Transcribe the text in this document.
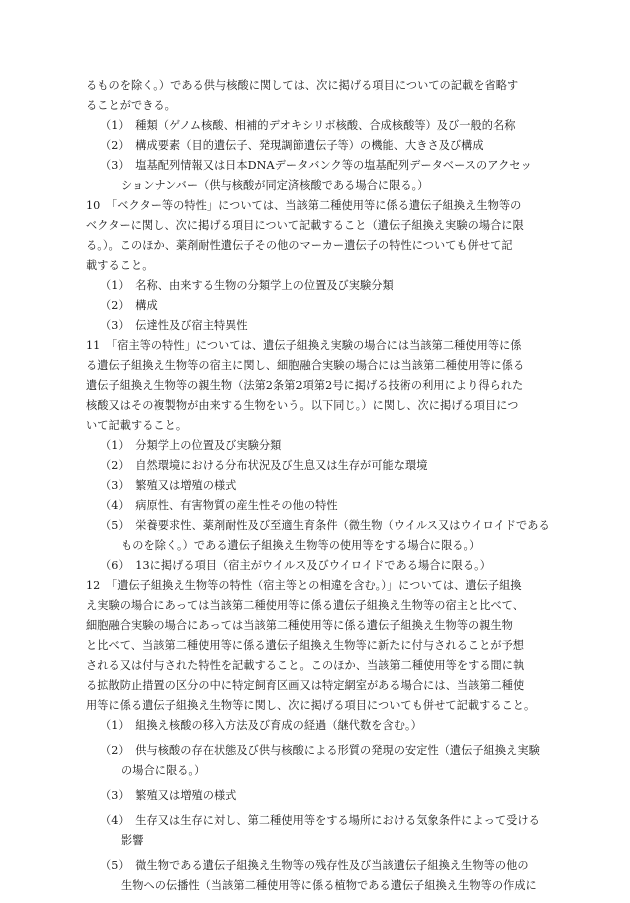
るものを除く。）である供与核酸に関しては、次に掲げる項目についての記載を省略す
ることができる。
（1）　種類（ゲノム核酸、相補的デオキシリボ核酸、合成核酸等）及び一般的名称
（2）　構成要素（目的遺伝子、発現調節遺伝子等）の機能、大きさ及び構成
（3）　塩基配列情報又は日本DNAデータバンク等の塩基配列データベースのアクセッ
ションナンバー（供与核酸が同定済核酸である場合に限る。）
10　「ベクター等の特性」については、当該第二種使用等に係る遺伝子組換え生物等の
ベクターに関し、次に掲げる項目について記載すること（遺伝子組換え実験の場合に限
る。）。このほか、薬剤耐性遺伝子その他のマーカー遺伝子の特性についても併せて記
載すること。
（1）　名称、由来する生物の分類学上の位置及び実験分類
（2）　構成
（3）　伝達性及び宿主特異性
11　「宿主等の特性」については、遺伝子組換え実験の場合には当該第二種使用等に係
る遺伝子組換え生物等の宿主に関し、細胞融合実験の場合には当該第二種使用等に係る
遺伝子組換え生物等の親生物（法第2条第2項第2号に掲げる技術の利用により得られた
核酸又はその複製物が由来する生物をいう。以下同じ。）に関し、次に掲げる項目につ
いて記載すること。
（1）　分類学上の位置及び実験分類
（2）　自然環境における分布状況及び生息又は生存が可能な環境
（3）　繁殖又は増殖の様式
（4）　病原性、有害物質の産生性その他の特性
（5）　栄養要求性、薬剤耐性及び至適生育条件（微生物（ウイルス又はウイロイドである
ものを除く。）である遺伝子組換え生物等の使用等をする場合に限る。）
（6）　13に掲げる項目（宿主がウイルス及びウイロイドである場合に限る。）
12　「遺伝子組換え生物等の特性（宿主等との相違を含む。）」については、遺伝子組換
え実験の場合にあっては当該第二種使用等に係る遺伝子組換え生物等の宿主と比べて、
細胞融合実験の場合にあっては当該第二種使用等に係る遺伝子組換え生物等の親生物
と比べて、当該第二種使用等に係る遺伝子組換え生物等に新たに付与されることが予想
される又は付与された特性を記載すること。このほか、当該第二種使用等をする間に執
る拡散防止措置の区分の中に特定飼育区画又は特定網室がある場合には、当該第二種使
用等に係る遺伝子組換え生物等に関し、次に掲げる項目についても併せて記載すること。
（1）　組換え核酸の移入方法及び育成の経過（継代数を含む。）
（2）　供与核酸の存在状態及び供与核酸による形質の発現の安定性（遺伝子組換え実験
の場合に限る。）
（3）　繁殖又は増殖の様式
（4）　生存又は生存に対し、第二種使用等をする場所における気象条件によって受ける
影響
（5）　微生物である遺伝子組換え生物等の残存性及び当該遺伝子組換え生物等の他の
生物への伝播性（当該第二種使用等に係る植物である遺伝子組換え生物等の作成に
